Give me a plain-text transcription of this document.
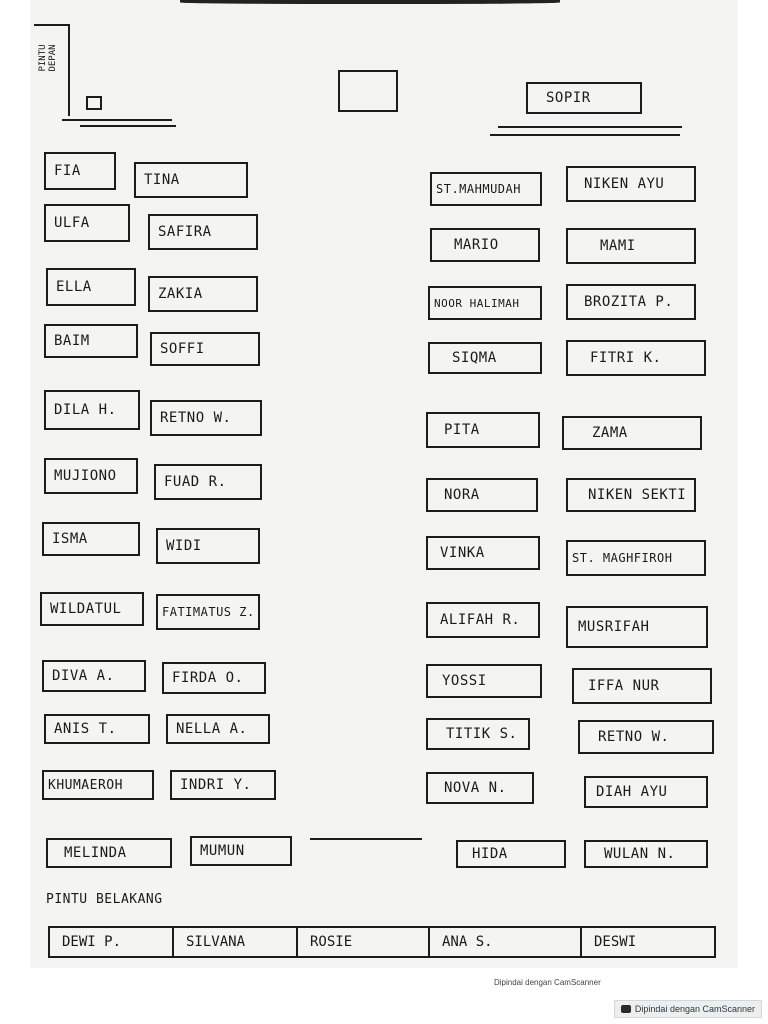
PINTU DEPAN
SOPIR
FIA
TINA
ULFA
SAFIRA
ELLA	ZAKIA
BAIM	SOFFI
DILA H.	RETNO W.
MUJIONO	FUAD R.
ISMA	WIDI
WILDATUL	FATIMATUS Z.
DIVA A.	FIRDA O.
ANIS T.	NELLA A.
KHUMAEROH	INDRI Y.
MELINDA	MUMUN
ST.MAHMUDAH	NIKEN AYU
MARIO	MAMI
NOOR HALIMAH	BROZITA P.
SIQMA	FITRI K.
PITA	ZAMA
NORA	NIKEN SEKTI
VINKA	ST. MAGHFIROH
ALIFAH R.	MUSRIFAH
YOSSI	IFFA NUR
TITIK S.	RETNO W.
NOVA N.	DIAH AYU
HIDA	WULAN N.
PINTU BELAKANG
DEWI P.	SILVANA	ROSIE	ANA S.	DESWI
Dipindai dengan CamScanner
Dipindai dengan CamScanner
